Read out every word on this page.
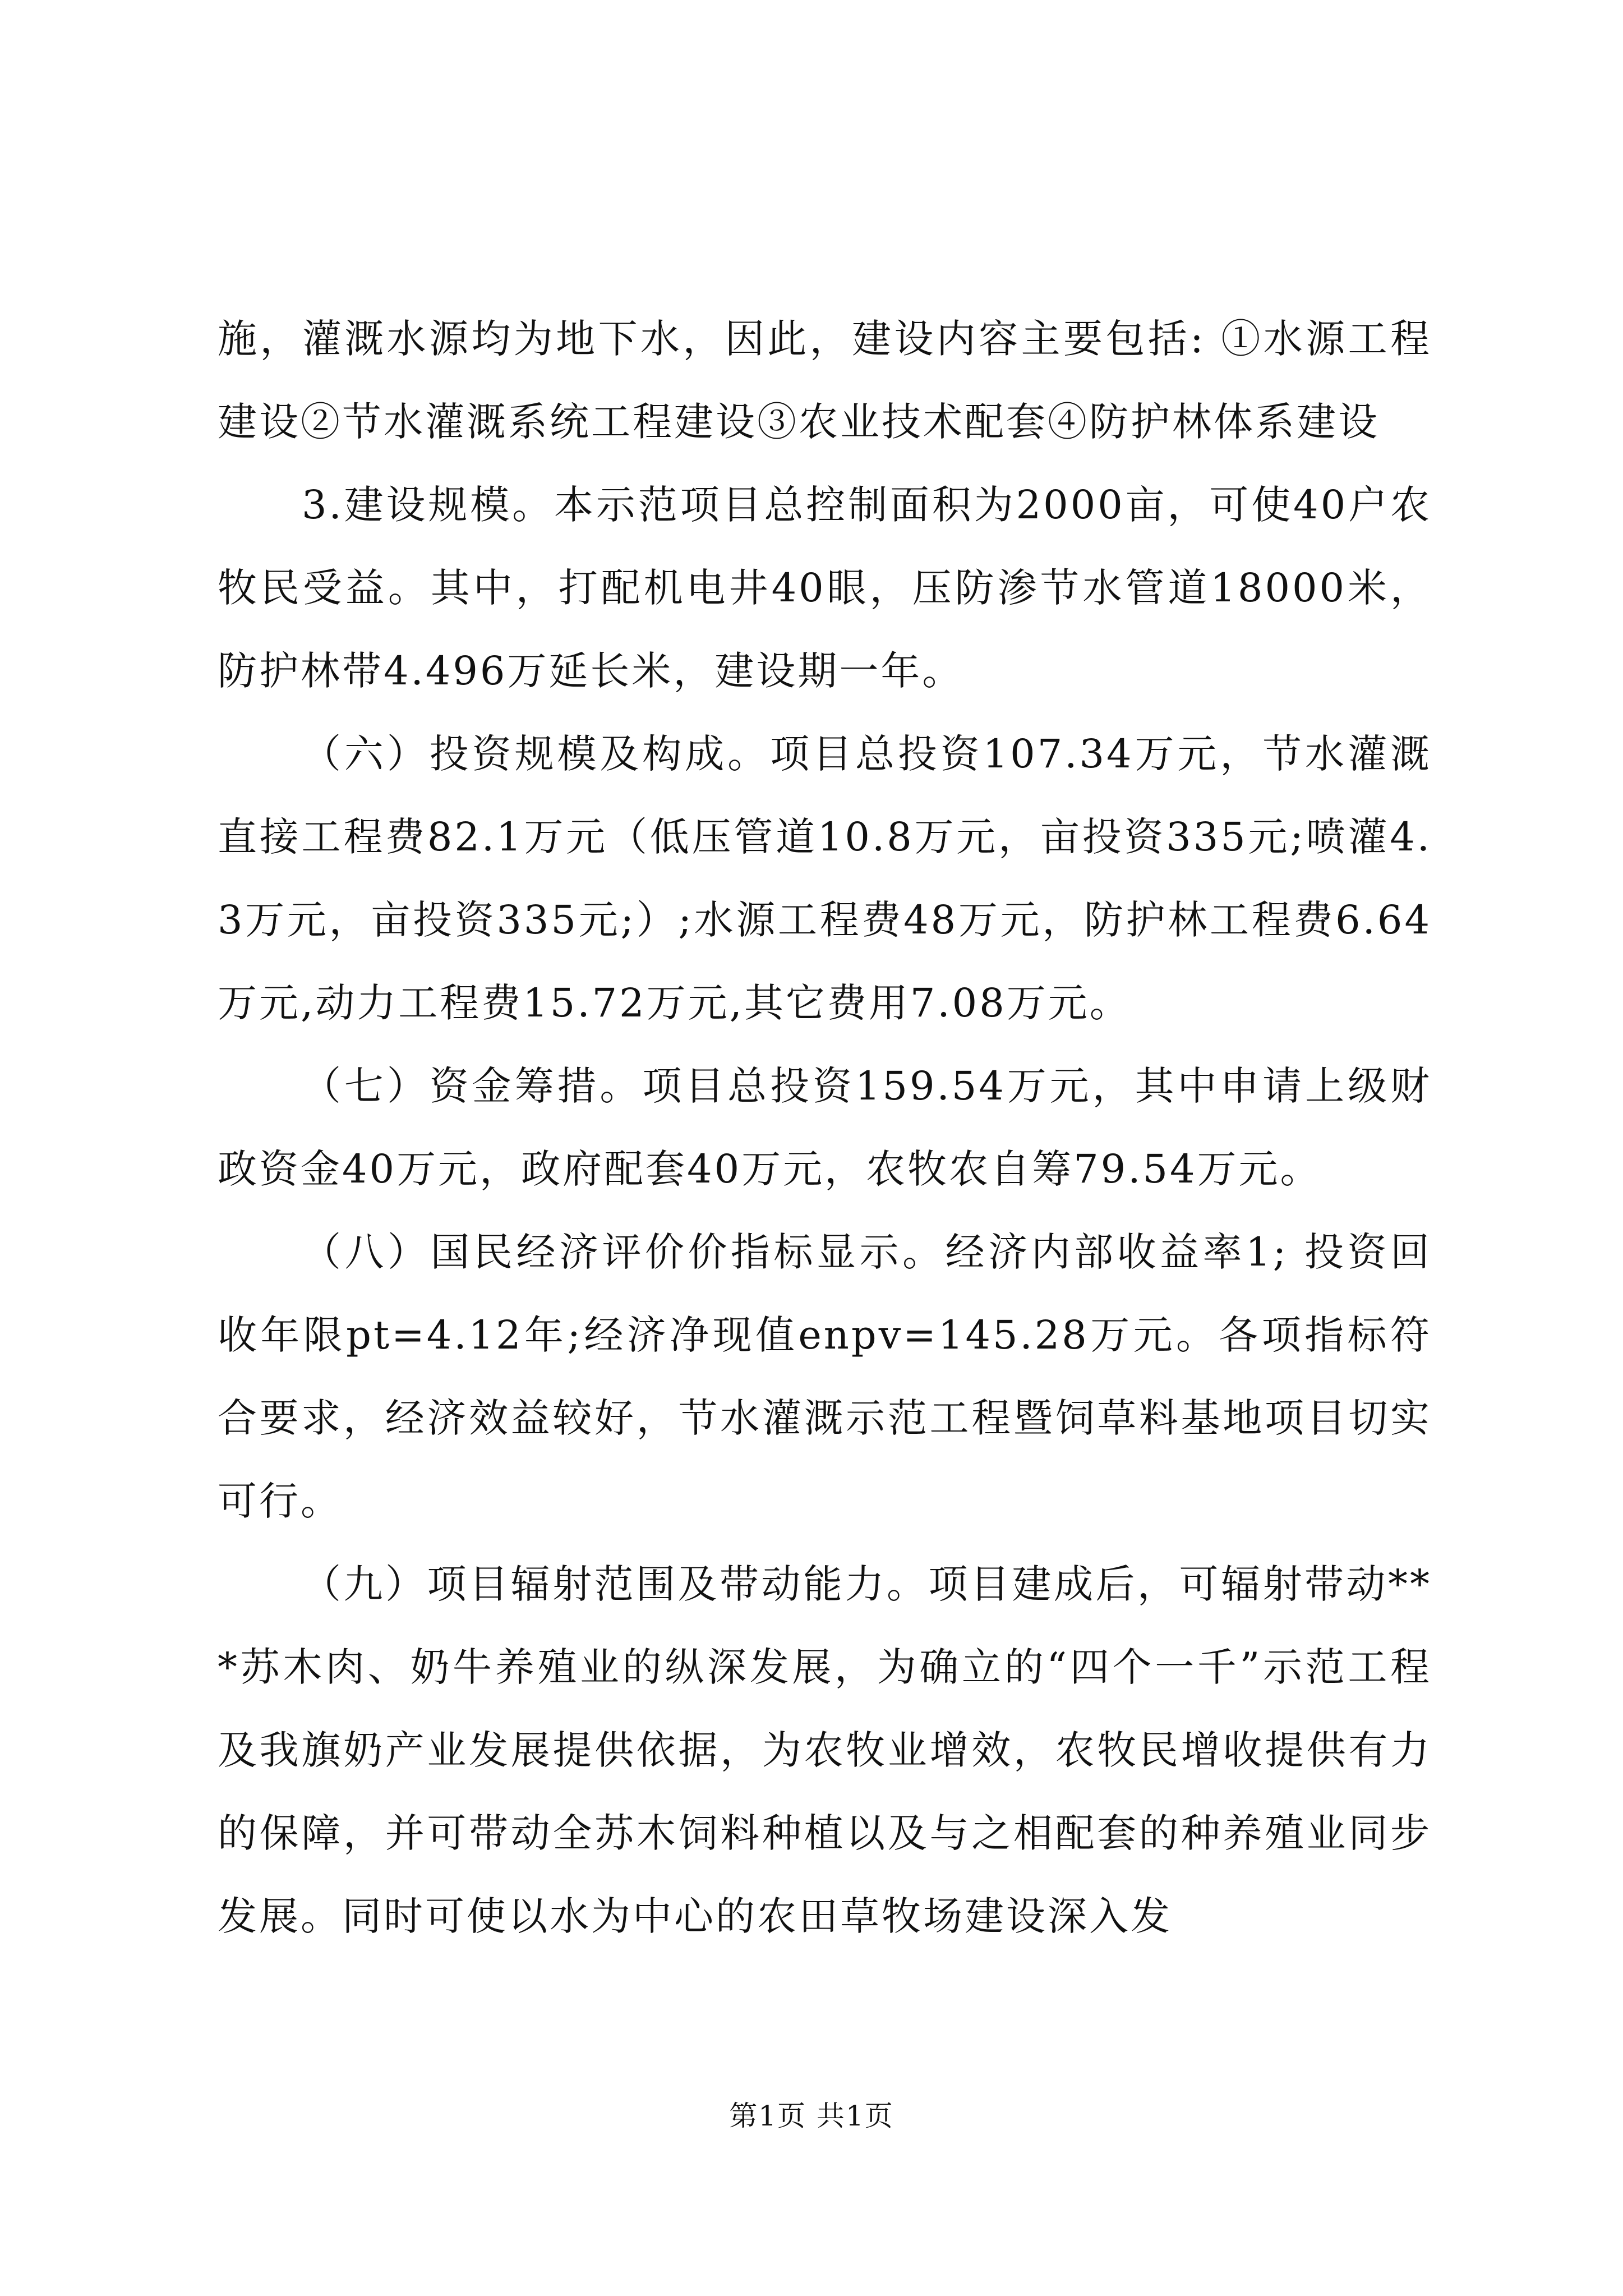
施，灌溉水源均为地下水，因此，建设内容主要包括: ①水源工程建设②节水灌溉系统工程建设③农业技术配套④防护林体系建设

3.建设规模。本示范项目总控制面积为2000亩，可使40户农牧民受益。其中，打配机电井40眼，压防渗节水管道18000米，防护林带4.496万延长米，建设期一年。

（六）投资规模及构成。项目总投资107.34万元，节水灌溉直接工程费82.1万元（低压管道10.8万元，亩投资335元;喷灌4.3万元，亩投资335元;）;水源工程费48万元，防护林工程费6.64万元,动力工程费15.72万元,其它费用7.08万元。

（七）资金筹措。项目总投资159.54万元，其中申请上级财政资金40万元，政府配套40万元，农牧农自筹79.54万元。

（八）国民经济评价价指标显示。经济内部收益率1; 投资回收年限pt=4.12年;经济净现值enpv=145.28万元。各项指标符合要求，经济效益较好，节水灌溉示范工程暨饲草料基地项目切实可行。

（九）项目辐射范围及带动能力。项目建成后，可辐射带动***苏木肉、奶牛养殖业的纵深发展，为确立的“四个一千”示范工程及我旗奶产业发展提供依据，为农牧业增效，农牧民增收提供有力的保障，并可带动全苏木饲料种植以及与之相配套的种养殖业同步发展。同时可使以水为中心的农田草牧场建设深入发

第1页 共1页
